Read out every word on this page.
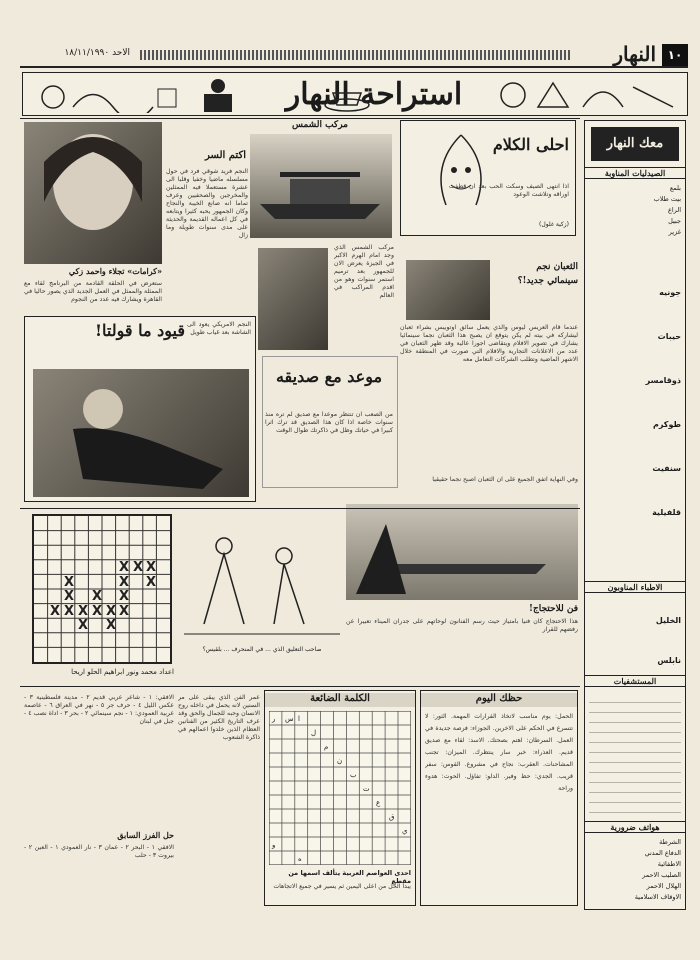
١٠
النهار
الاحد ١٨/١١/١٩٩٠
استراحة النهار
«كرامات» تجلاء واحمد زكي
ستعرض في الحلقة القادمة من البرنامج لقاء مع الممثلة والممثل في العمل الجديد الذي يصور حاليا في القاهرة ويشارك فيه عدد من النجوم
اكتم السر
النجم فريد شوقي فرد في حول مسلسله ماضيا وخفيا وقلبا الى عشرة مستعملا فيه الممثلين والمخرجين والصحفيين وعرف تماما انه صانع الخيبة والنجاح وكان الجمهور يحبه كثيرا ويتابعه في كل اعماله القديمة والحديثة على مدى سنوات طويلة وما زال
مركب الشمس
مركب الشمس الذي وجد امام الهرم الاكبر في الجيزة يعرض الان للجمهور بعد ترميم استمر سنوات وهو من اقدم المراكب في العالم
احلى الكلام
اذا انتهى الصيف وسكت الحب بعد ان قطفت اوراقه وتلاشت الوعود
(زكية غلول)
الثعبان نجم
سينمائي جديد!؟
عندما قام العريس ليوس والذي يعمل سائق اوتوبيس بشراء ثعبان ليشاركه في بيته لم يكن يتوقع ان يصبح هذا الثعبان نجما سينمائيا يشارك في تصوير الافلام ويتقاضى اجورا عالية وقد ظهر الثعبان في عدد من الاعلانات التجارية والافلام التي صورت في المنطقة خلال الاشهر الماضية وتطلب الشركات التعامل معه
قيود ما قولتا! النجم الامريكي يعود الى الشاشة بعد غياب طويل
موعد مع صديقه
من الصعب ان تنتظر موعدا مع صديق لم تره منذ سنوات خاصة اذا كان هذا الصديق قد ترك اثرا كبيرا في حياتك وظل في ذاكرتك طوال الوقت
وفي النهاية اتفق الجميع على ان الثعبان اصبح نجما حقيقيا
X X X
X	X X
X X X
X X X X X X
X X
اعداد محمد ونور ابراهيم الحلو اريحا
صاحب التعليق الذي ... في المنحرف ... بلقيس؟
فن للاحتجاج!
هذا الاحتجاج كان فنيا بامتياز حيث رسم الفنانون لوحاتهم على جدران الميناء تعبيرا عن رفضهم للقرار
الافقي: ١ - شاعر عربي قديم ٢ - مدينة فلسطينية ٣ - عكس الليل ٤ - حرف جر ٥ - نهر في العراق ٦ - عاصمة عربية العمودي: ١ - نجم سينمائي ٢ - بحر ٣ - اداة نصب ٤ - جبل في لبنان
حل الفرز السابق
الافقي ١ - البحر ٢ - عمان ٣ - نار العمودي ١ - العين ٢ - بيروت ٣ - حلب
عمر الفن الذي يبقى على مر السنين لانه يحمل في داخله روح الانسان وحبه للجمال والحق وقد عرف التاريخ الكثير من الفنانين العظام الذين خلدوا اعمالهم في ذاكرة الشعوب
الكلمة الضائعة
ر س ا
ل
م
ن
ب
ت
ع
ق
ي
و
ه
احدى العواصم العربية يتألف اسمها من مقطع
يبدأ الحل من اعلى اليمين ثم يسير في جميع الاتجاهات
حظك اليوم
الحمل: يوم مناسب لاتخاذ القرارات المهمة. الثور: لا تتسرع في الحكم على الاخرين. الجوزاء: فرصة جديدة في العمل. السرطان: اهتم بصحتك. الاسد: لقاء مع صديق قديم. العذراء: خبر سار ينتظرك. الميزان: تجنب المشاحنات. العقرب: نجاح في مشروع. القوس: سفر قريب. الجدي: حظ وفير. الدلو: تفاؤل. الحوت: هدوء وراحة
معك النهار
الصيدليات المناوبة
بلمع
بيت طلاب
الراع
جبيل
غزير
جونيه
حيبات
ذوقامسر
طوكرم
سنفيت
قلفيلية
الاطباء المناوبون
الخليل
نابلس
المستشفيات
هواتف ضرورية
الشرطة
الدفاع المدني
الاطفائية
الصليب الاحمر
الهلال الاحمر
الاوقاف الاسلامية
